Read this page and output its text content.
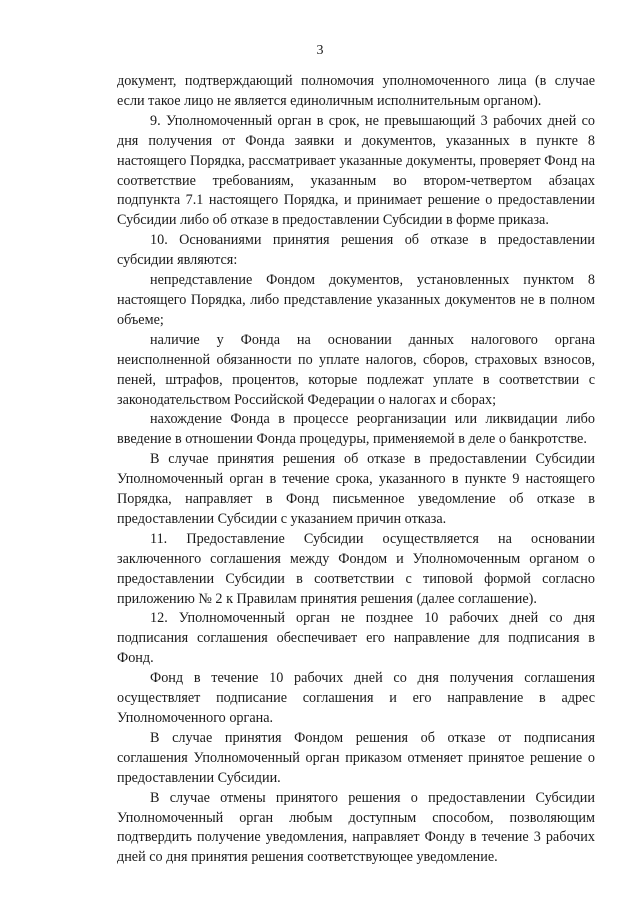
3

документ, подтверждающий полномочия уполномоченного лица (в случае если такое лицо не является единоличным исполнительным органом).

9. Уполномоченный орган в срок, не превышающий 3 рабочих дней со дня получения от Фонда заявки и документов, указанных в пункте 8 настоящего Порядка, рассматривает указанные документы, проверяет Фонд на соответствие требованиям, указанным во втором-четвертом абзацах подпункта 7.1 настоящего Порядка, и принимает решение о предоставлении Субсидии либо об отказе в предоставлении Субсидии в форме приказа.

10. Основаниями принятия решения об отказе в предоставлении субсидии являются:

непредставление Фондом документов, установленных пунктом 8 настоящего Порядка, либо представление указанных документов не в полном объеме;

наличие у Фонда на основании данных налогового органа неисполненной обязанности по уплате налогов, сборов, страховых взносов, пеней, штрафов, процентов, которые подлежат уплате в соответствии с законодательством Российской Федерации о налогах и сборах;

нахождение Фонда в процессе реорганизации или ликвидации либо введение в отношении Фонда процедуры, применяемой в деле о банкротстве.

В случае принятия решения об отказе в предоставлении Субсидии Уполномоченный орган в течение срока, указанного в пункте 9 настоящего Порядка, направляет в Фонд письменное уведомление об отказе в предоставлении Субсидии с указанием причин отказа.

11. Предоставление Субсидии осуществляется на основании заключенного соглашения между Фондом и Уполномоченным органом о предоставлении Субсидии в соответствии с типовой формой согласно приложению № 2 к Правилам принятия решения (далее соглашение).

12. Уполномоченный орган не позднее 10 рабочих дней со дня подписания соглашения обеспечивает его направление для подписания в Фонд.

Фонд в течение 10 рабочих дней со дня получения соглашения осуществляет подписание соглашения и его направление в адрес Уполномоченного органа.

В случае принятия Фондом решения об отказе от подписания соглашения Уполномоченный орган приказом отменяет принятое решение о предоставлении Субсидии.

В случае отмены принятого решения о предоставлении Субсидии Уполномоченный орган любым доступным способом, позволяющим подтвердить получение уведомления, направляет Фонду в течение 3 рабочих дней со дня принятия решения соответствующее уведомление.
